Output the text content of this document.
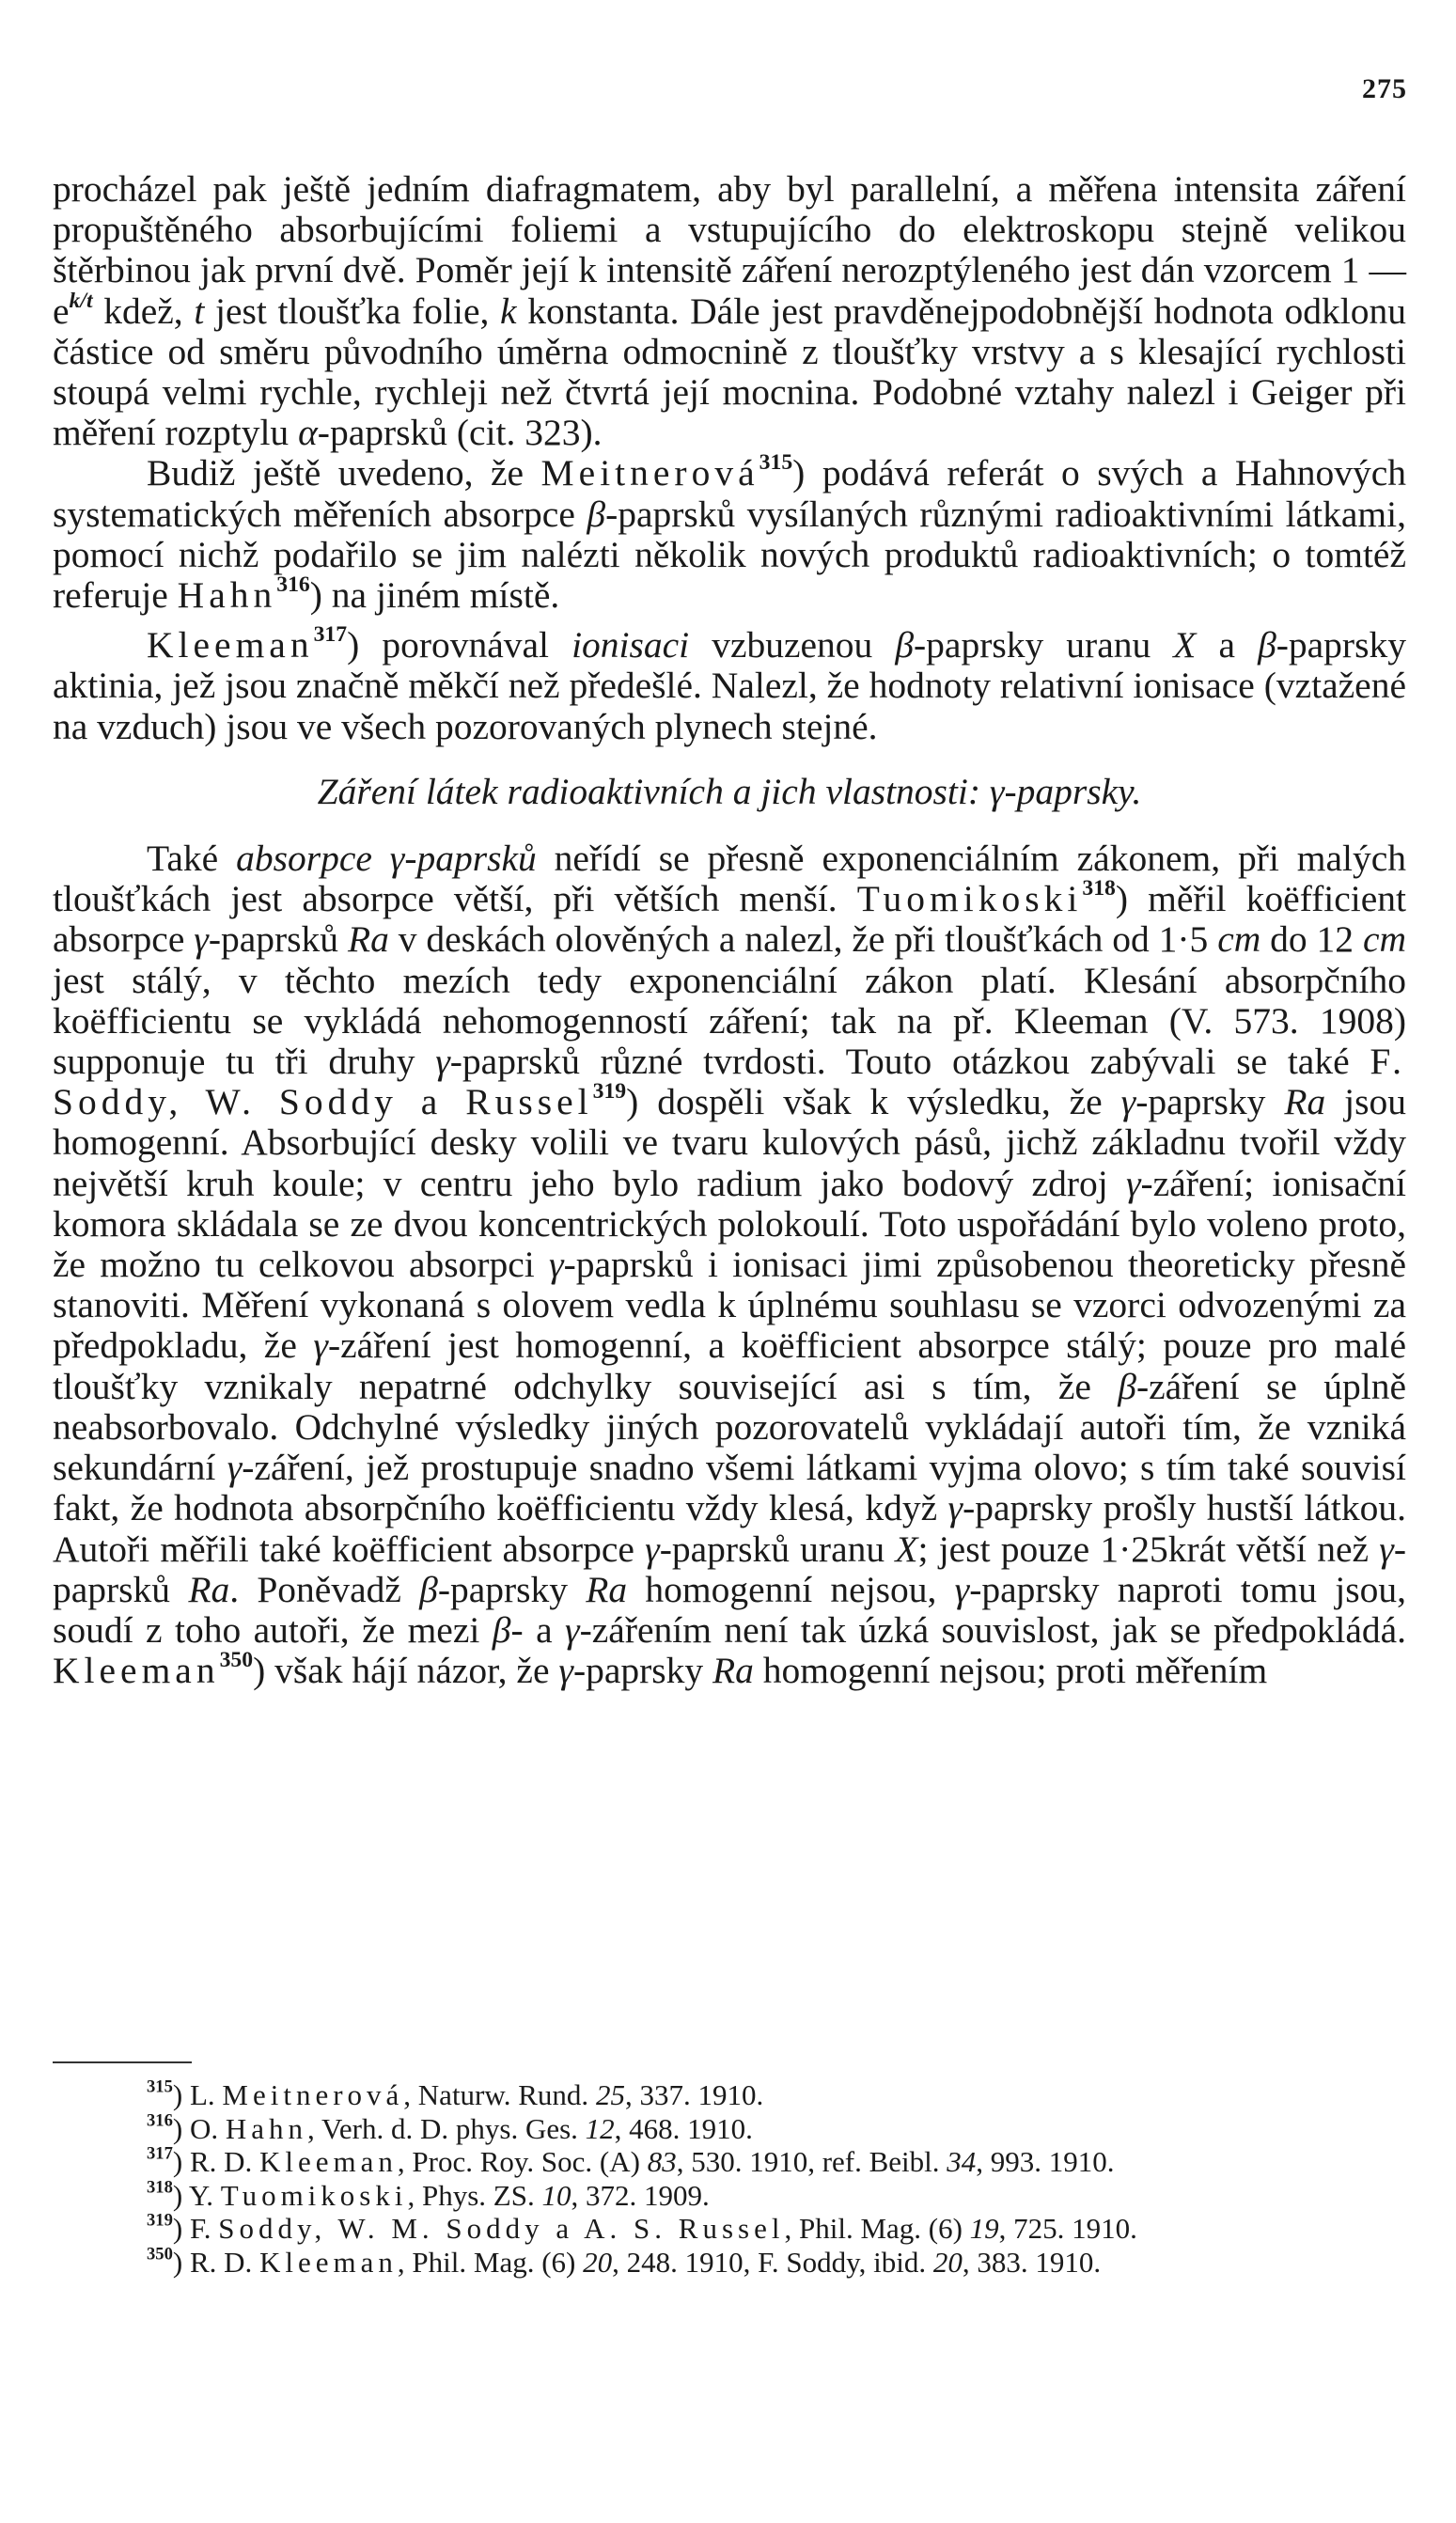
275

procházel pak ještě jedním diafragmatem, aby byl parallelní, a měřena intensita záření propuštěného absorbujícími foliemi a vstupujícího do elektroskopu stejně velikou štěrbinou jak první dvě. Poměr její k intensitě záření nerozptýleného jest dán vzorcem 1 — $e^{k/t}$ kdež, t jest tloušťka folie, k konstanta. Dále jest pravděnejpodobnější hodnota odklonu částice od směru původního úměrna odmocnině z tloušťky vrstvy a s klesající rychlosti stoupá velmi rychle, rychleji než čtvrtá její mocnina. Podobné vztahy nalezl i Geiger při měření rozptylu α-paprsků (cit. 323).

Budiž ještě uvedeno, že Meitnerová$^{315}$) podává referát o svých a Hahnových systematických měřeních absorpce β-paprsků vysílaných různými radioaktivními látkami, pomocí nichž podařilo se jim nalézti několik nových produktů radioaktivních; o tomtéž referuje Hahn$^{316}$) na jiném místě.

Kleeman$^{317}$) porovnával ionisaci vzbuzenou β-paprsky uranu X a β-paprsky aktinia, jež jsou značně měkčí než předešlé. Nalezl, že hodnoty relativní ionisace (vztažené na vzduch) jsou ve všech pozorovaných plynech stejné.

Záření látek radioaktivních a jich vlastnosti: γ-paprsky.

Také absorpce γ-paprsků neřídí se přesně exponenciálním zákonem, při malých tloušťkách jest absorpce větší, při větších menší. Tuomikoski$^{318}$) měřil koëfficient absorpce γ-paprsků Ra v deskách olověných a nalezl, že při tloušťkách od 1·5 cm do 12 cm jest stálý, v těchto mezích tedy exponenciální zákon platí. Klesání absorpčního koëfficientu se vykládá nehomogenností záření; tak na př. Kleeman (V. 573. 1908) supponuje tu tři druhy γ-paprsků různé tvrdosti. Touto otázkou zabývali se také F. Soddy, W. Soddy a Russel$^{319}$) dospěli však k výsledku, že γ-paprsky Ra jsou homogenní. Absorbující desky volili ve tvaru kulových pásů, jichž základnu tvořil vždy největší kruh koule; v centru jeho bylo radium jako bodový zdroj γ-záření; ionisační komora skládala se ze dvou koncentrických polokoulí. Toto uspořádání bylo voleno proto, že možno tu celkovou absorpci γ-paprsků i ionisaci jimi způsobenou theoreticky přesně stanoviti. Měření vykonaná s olovem vedla k úplnému souhlasu se vzorci odvozenými za předpokladu, že γ-záření jest homogenní, a koëfficient absorpce stálý; pouze pro malé tloušťky vznikaly nepatrné odchylky související asi s tím, že β-záření se úplně neabsorbovalo. Odchylné výsledky jiných pozorovatelů vykládají autoři tím, že vzniká sekundární γ-záření, jež prostupuje snadno všemi látkami vyjma olovo; s tím také souvisí fakt, že hodnota absorpčního koëfficientu vždy klesá, když γ-paprsky prošly hustší látkou. Autoři měřili také koëfficient absorpce γ-paprsků uranu X; jest pouze 1·25krát větší než γ-paprsků Ra. Poněvadž β-paprsky Ra homogenní nejsou, γ-paprsky naproti tomu jsou, soudí z toho autoři, že mezi β- a γ-zářením není tak úzká souvislost, jak se předpokládá. Kleeman$^{350}$) však hájí názor, že γ-paprsky Ra homogenní nejsou; proti měřením

$^{315}$) L. Meitnerová, Naturw. Rund. 25, 337. 1910.

$^{316}$) O. Hahn, Verh. d. D. phys. Ges. 12, 468. 1910.

$^{317}$) R. D. Kleeman, Proc. Roy. Soc. (A) 83, 530. 1910, ref. Beibl. 34, 993. 1910.

$^{318}$) Y. Tuomikoski, Phys. ZS. 10, 372. 1909.

$^{319}$) F. Soddy, W. M. Soddy a A. S. Russel, Phil. Mag. (6) 19, 725. 1910.

$^{350}$) R. D. Kleeman, Phil. Mag. (6) 20, 248. 1910, F. Soddy, ibid. 20, 383. 1910.
